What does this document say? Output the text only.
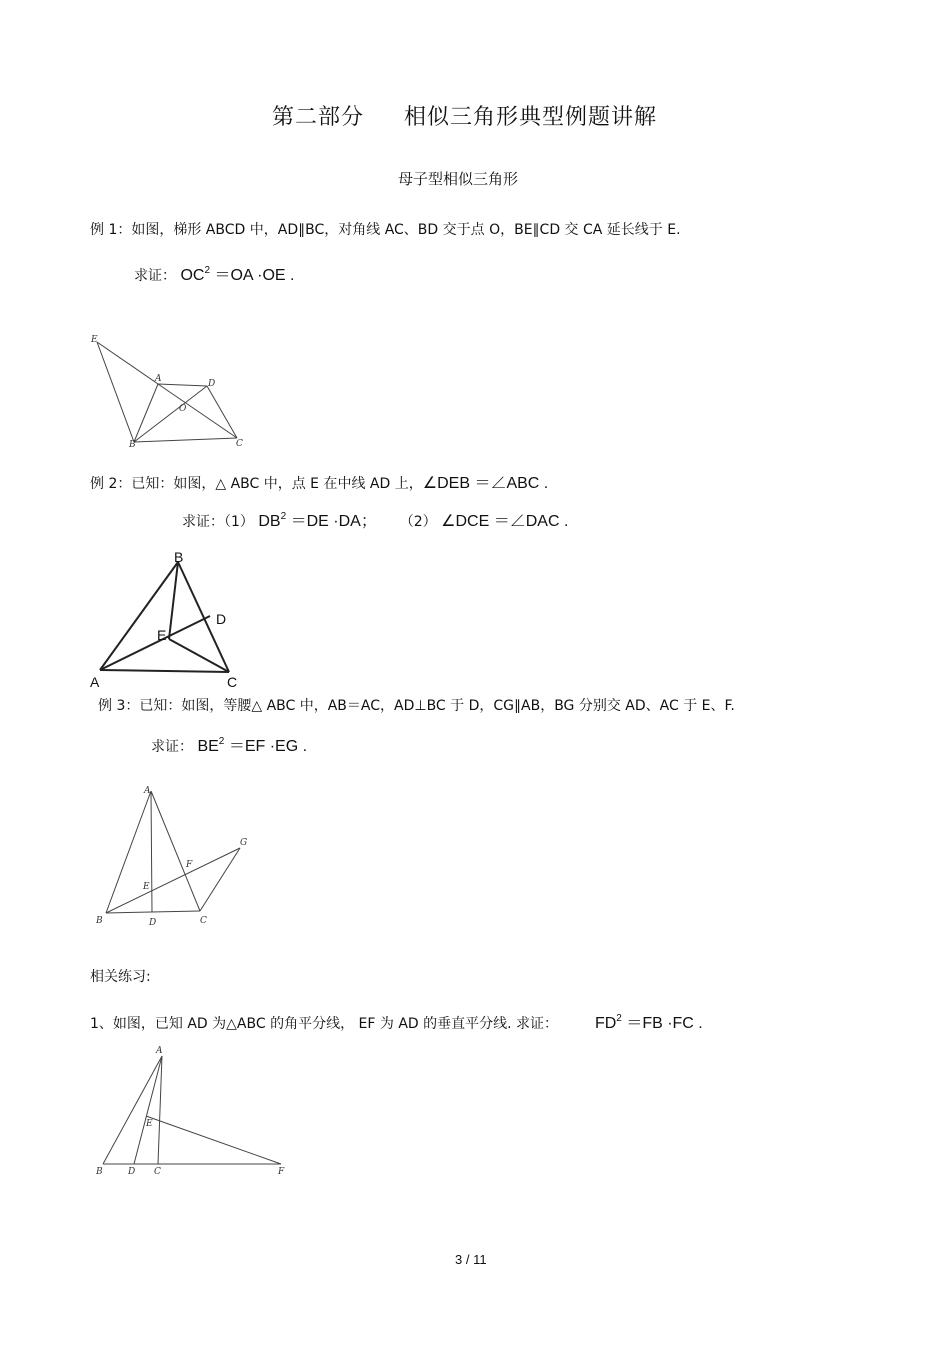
第二部分 相似三角形典型例题讲解
母子型相似三角形
例 1：如图，梯形 ABCD 中，AD∥BC，对角线 AC、BD 交于点 O，BE∥CD 交 CA 延长线于 E.
求证： $OC^2 =OA \cdot OE$ .
E
A	D
O
B	C
例 2：已知：如图，△ ABC 中，点 E 在中线 AD 上，∠DEB ＝∠ABC .
求证：（1） $DB^2 =DE \cdot DA$； （2） ∠DCE ＝∠DAC .
B
D
E
A	C
例 3：已知：如图，等腰△ ABC 中，AB＝AC，AD⊥BC 于 D，CG∥AB，BG 分别交 AD、AC 于 E、F.
求证： $BE^2 =EF \cdot EG$ .
A
G
F
E
B	D	C
相关练习:
1、如图，已知 AD 为△ABC 的角平分线， EF 为 AD 的垂直平分线. 求证： $FD^2 =FB \cdot FC$ .
A
E
B	D C	F
3 / 11
